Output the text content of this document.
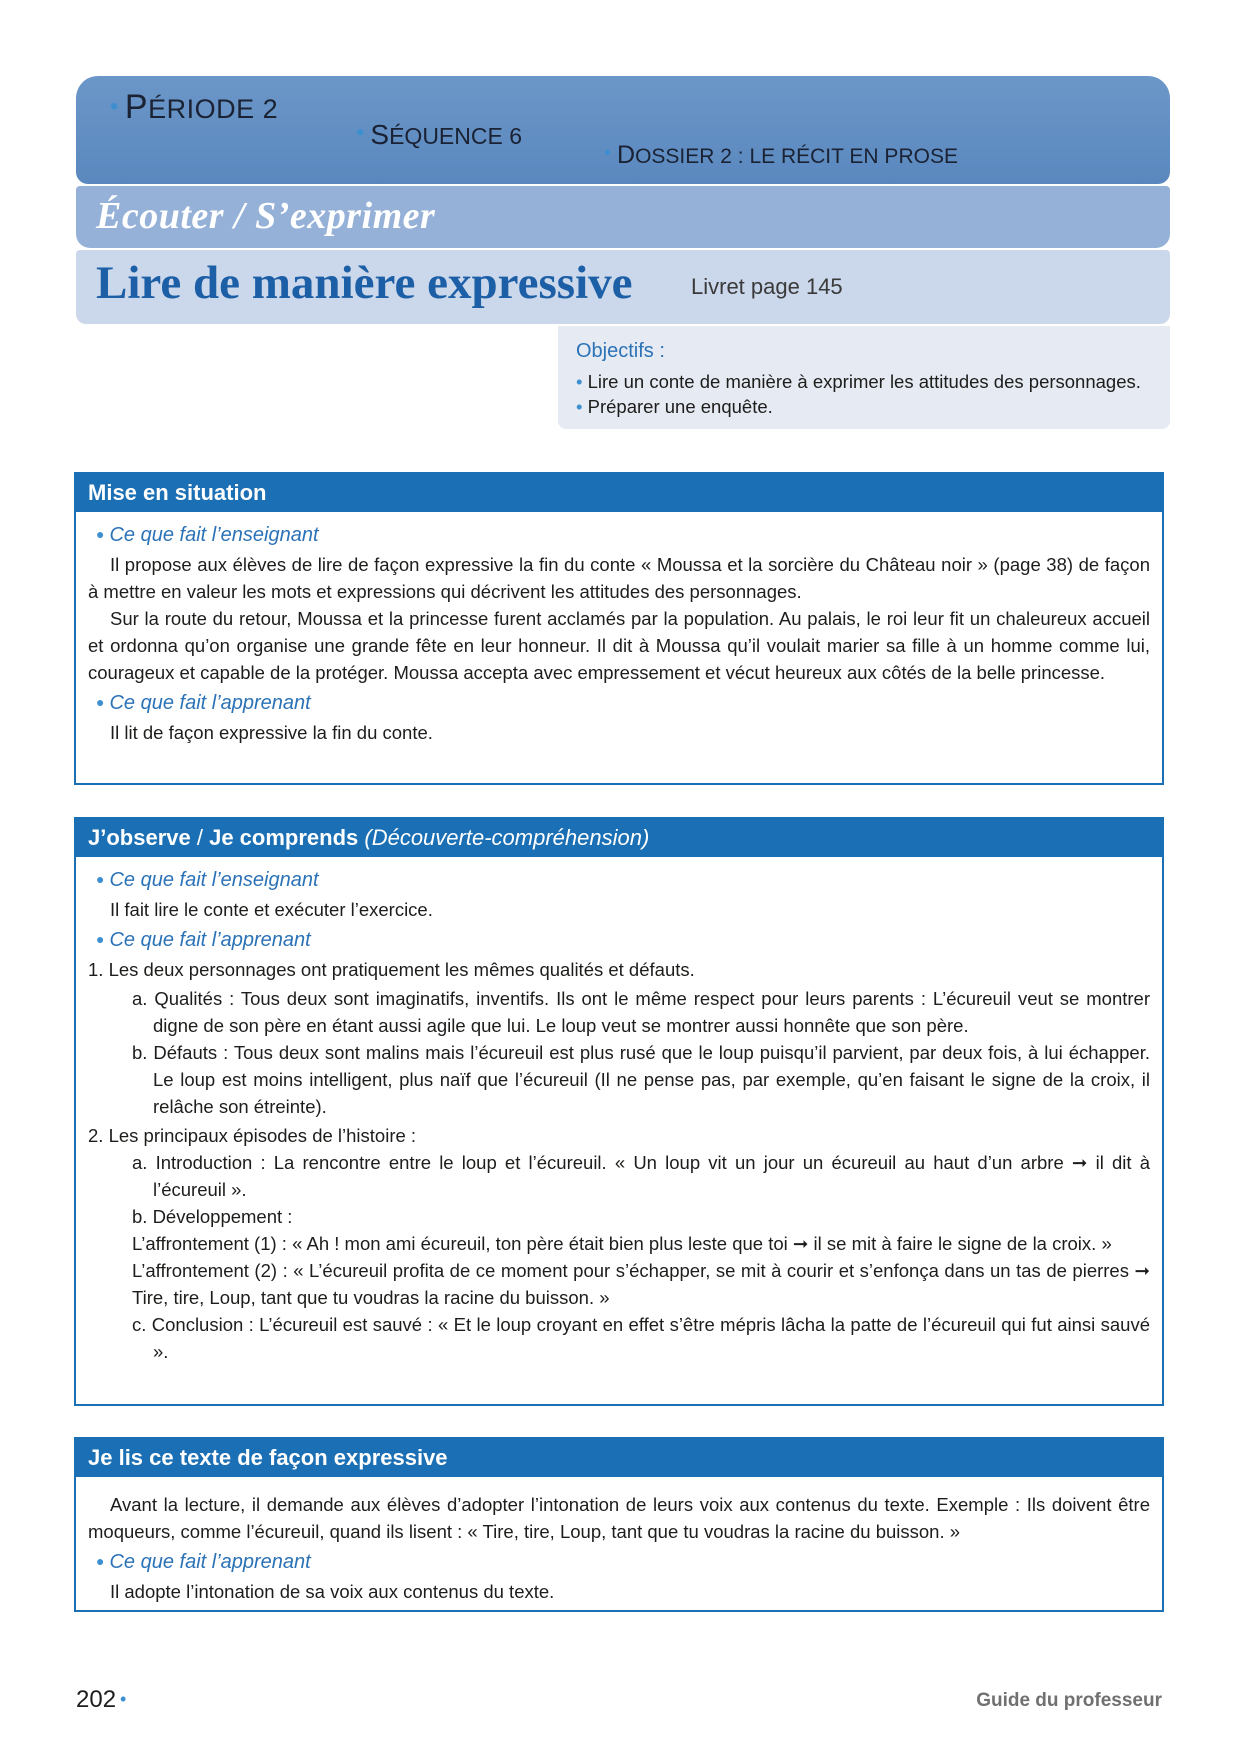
• PÉRIODE 2
• SÉQUENCE 6
• DOSSIER 2 : LE RÉCIT EN PROSE
Écouter / S’exprimer
Lire de manière expressive	Livret page 145
Objectifs :
• Lire un conte de manière à exprimer les attitudes des personnages.
• Préparer une enquête.
Mise en situation
● Ce que fait l’enseignant

Il propose aux élèves de lire de façon expressive la fin du conte « Moussa et la sorcière du Château noir » (page 38) de façon à mettre en valeur les mots et expressions qui décrivent les attitudes des personnages.

Sur la route du retour, Moussa et la princesse furent acclamés par la population. Au palais, le roi leur fit un chaleureux accueil et ordonna qu’on organise une grande fête en leur honneur. Il dit à Moussa qu’il voulait marier sa fille à un homme comme lui, courageux et capable de la protéger. Moussa accepta avec empressement et vécut heureux aux côtés de la belle princesse.

● Ce que fait l’apprenant

Il lit de façon expressive la fin du conte.

J’observe / Je comprends (Découverte-compréhension)
● Ce que fait l’enseignant

Il fait lire le conte et exécuter l’exercice.

● Ce que fait l’apprenant

1. Les deux personnages ont pratiquement les mêmes qualités et défauts.

a. Qualités : Tous deux sont imaginatifs, inventifs. Ils ont le même respect pour leurs parents : L’écureuil veut se montrer digne de son père en étant aussi agile que lui. Le loup veut se montrer aussi honnête que son père.

b. Défauts : Tous deux sont malins mais l’écureuil est plus rusé que le loup puisqu’il parvient, par deux fois, à lui échapper. Le loup est moins intelligent, plus naïf que l’écureuil (Il ne pense pas, par exemple, qu’en faisant le signe de la croix, il relâche son étreinte).

2. Les principaux épisodes de l’histoire :

a. Introduction : La rencontre entre le loup et l’écureuil. « Un loup vit un jour un écureuil au haut d’un arbre ➞ il dit à l’écureuil ».

b. Développement :

L’affrontement (1) : « Ah ! mon ami écureuil, ton père était bien plus leste que toi ➞ il se mit à faire le signe de la croix. »

L’affrontement (2) : « L’écureuil profita de ce moment pour s’échapper, se mit à courir et s’enfonça dans un tas de pierres ➞ Tire, tire, Loup, tant que tu voudras la racine du buisson. »

c. Conclusion : L’écureuil est sauvé : « Et le loup croyant en effet s’être mépris lâcha la patte de l’écureuil qui fut ainsi sauvé ».

Je lis ce texte de façon expressive

Avant la lecture, il demande aux élèves d’adopter l’intonation de leurs voix aux contenus du texte. Exemple : Ils doivent être moqueurs, comme l’écureuil, quand ils lisent : « Tire, tire, Loup, tant que tu voudras la racine du buisson. »

● Ce que fait l’apprenant

Il adopte l’intonation de sa voix aux contenus du texte.

202 •	Guide du professeur
